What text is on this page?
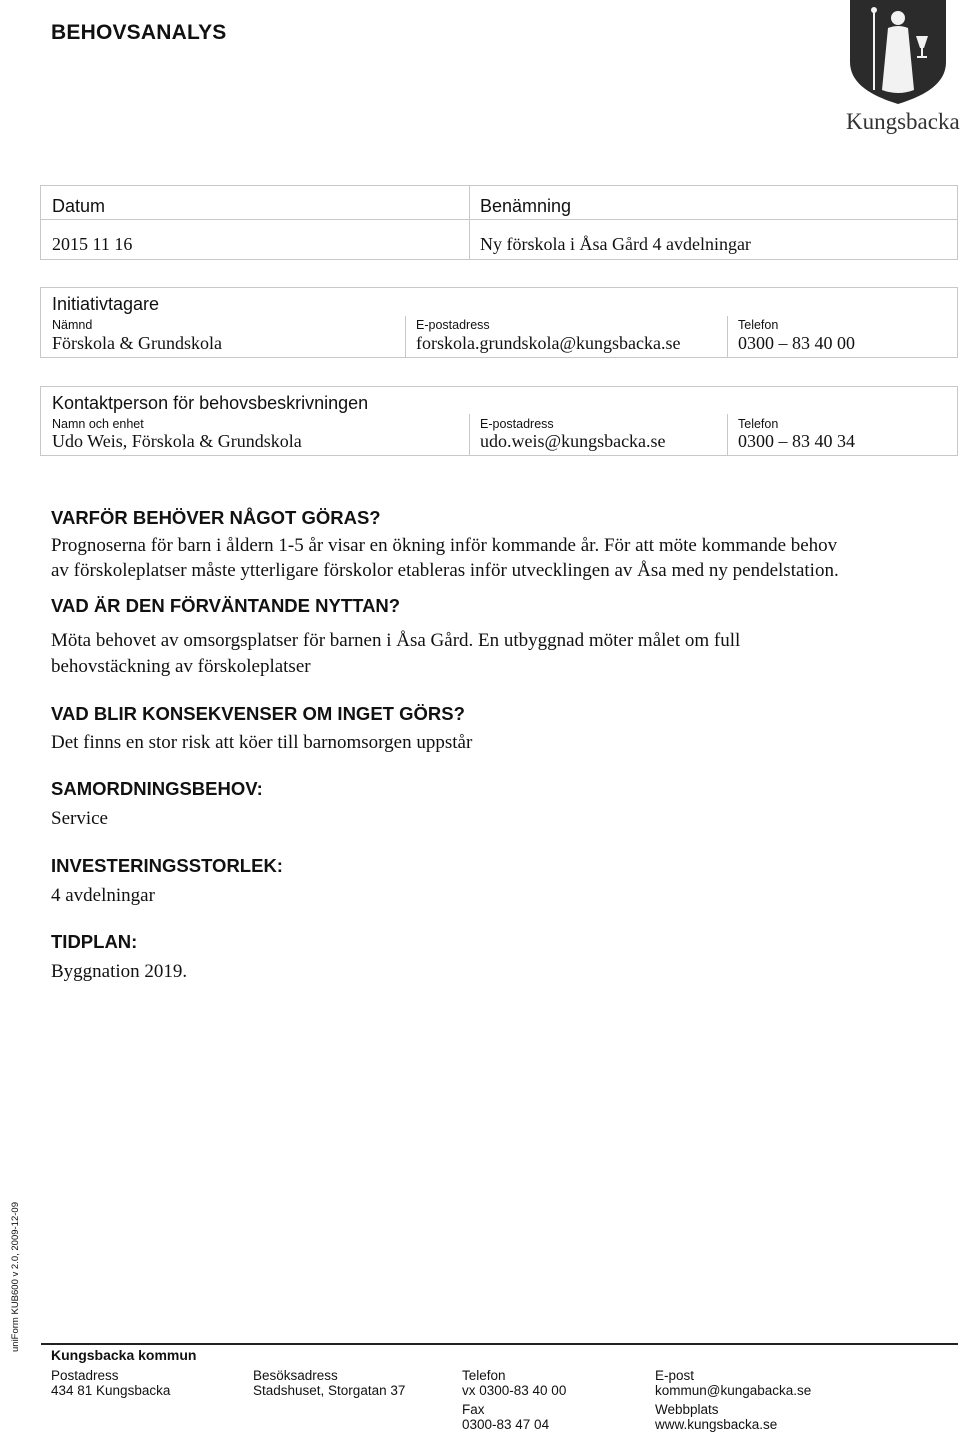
BEHOVSANALYS
Kungsbacka
Datum
2015 11 16
Benämning
Ny förskola i Åsa Gård 4 avdelningar
Initiativtagare
Nämnd
Förskola & Grundskola
E-postadress
forskola.grundskola@kungsbacka.se
Telefon
0300 – 83 40 00
Kontaktperson för behovsbeskrivningen
Namn och enhet
Udo Weis, Förskola & Grundskola
E-postadress
udo.weis@kungsbacka.se
Telefon
0300 – 83 40 34
VARFÖR BEHÖVER NÅGOT GÖRAS?
Prognoserna för barn i åldern 1-5 år visar en ökning inför kommande år. För att möte kommande behov
av förskoleplatser måste ytterligare förskolor etableras inför utvecklingen av Åsa med ny pendelstation.
VAD ÄR DEN FÖRVÄNTANDE NYTTAN?
Möta behovet av omsorgsplatser för barnen i Åsa Gård. En utbyggnad möter målet om full
behovstäckning av förskoleplatser
VAD BLIR KONSEKVENSER OM INGET GÖRS?
Det finns en stor risk att köer till barnomsorgen uppstår
SAMORDNINGSBEHOV:
Service
INVESTERINGSSTORLEK:
4 avdelningar
TIDPLAN:
Byggnation 2019.
uniForm KUB600 v 2.0, 2009-12-09
Kungsbacka kommun
Postadress
434 81 Kungsbacka
Besöksadress
Stadshuset, Storgatan 37
Telefon
vx 0300-83 40 00
Fax
0300-83 47 04
E-post
kommun@kungabacka.se
Webbplats
www.kungsbacka.se
